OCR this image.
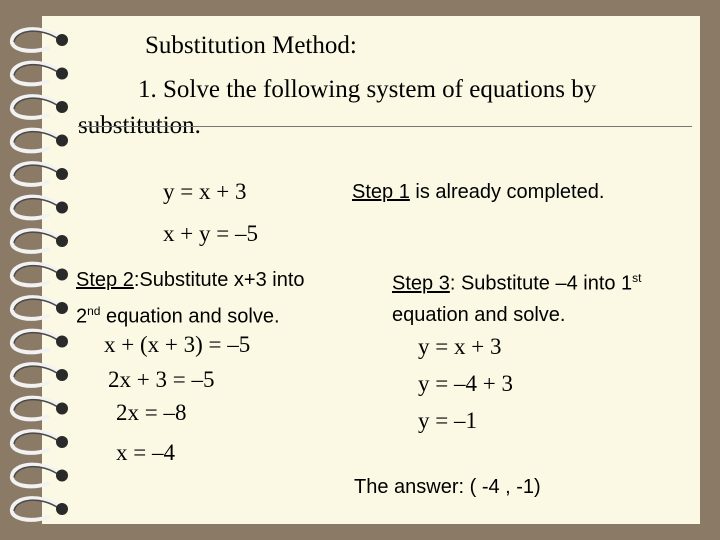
Substitution Method:
1. Solve the following system of equations by
substitution.
y = x + 3
x + y = –5
Step 1 is already completed.
Step 2:Substitute x+3 into
2nd equation and solve.
x + (x + 3) = –5
2x + 3 = –5
2x = –8
x = –4
Step 3: Substitute –4 into 1st
equation and solve.
y = x + 3
y = –4 + 3
y = –1
The answer: ( -4 , -1)
